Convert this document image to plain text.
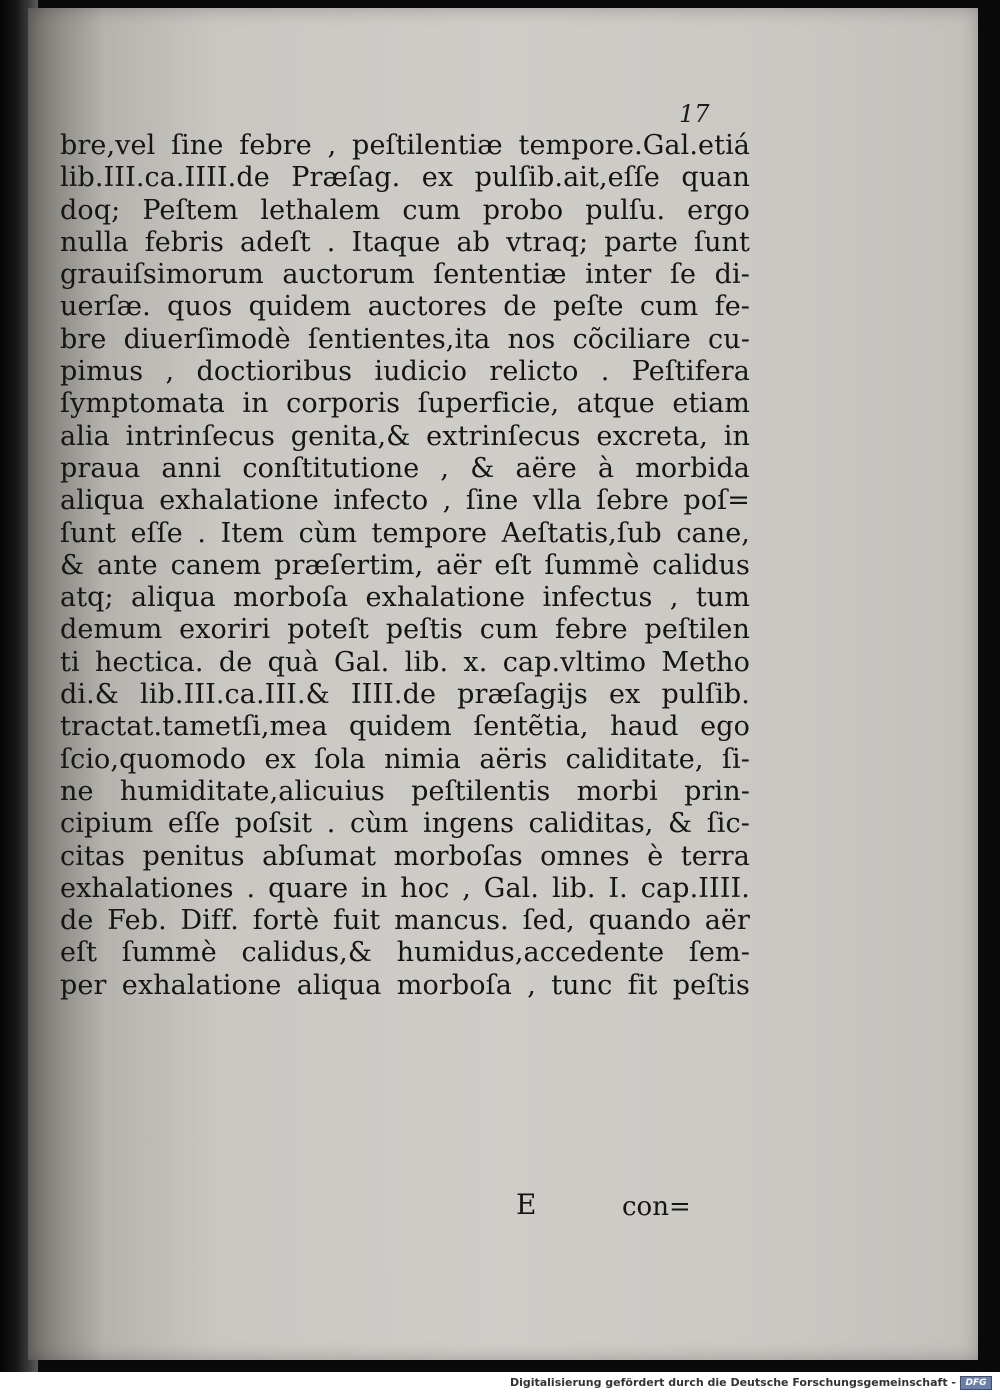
17
bre,vel ſine febre , peſtilentiæ tempore.Gal.etiá
lib.III.ca.IIII.de Præſag. ex pulſib.ait,eſſe quan
doq; Peſtem lethalem cum probo pulſu. ergo
nulla febris adeſt . Itaque ab vtraq; parte ſunt
grauiſsimorum auctorum ſententiæ inter ſe di-
uerſæ. quos quidem auctores de peſte cum fe-
bre diuerſimodè ſentientes,ita nos cõciliare cu-
pimus , doctioribus iudicio relicto . Peſtifera
ſymptomata in corporis ſuperficie, atque etiam
alia intrinſecus genita,& extrinſecus excreta, in
praua anni conſtitutione , & aëre à morbida
aliqua exhalatione infecto , ſine vlla ſebre poſ=
ſunt eſſe . Item cùm tempore Aeſtatis,ſub cane,
& ante canem præſertim, aër eſt ſummè calidus
atq; aliqua morboſa exhalatione infectus , tum
demum exoriri poteſt peſtis cum febre peſtilen
ti hectica. de quà Gal. lib. x. cap.vltimo Metho
di.& lib.III.ca.III.& IIII.de præſagijs ex pulſib.
tractat.tametſi,mea quidem ſentẽtia, haud ego
ſcio,quomodo ex ſola nimia aëris caliditate, ſi-
ne humiditate,alicuius peſtilentis morbi prin-
cipium eſſe poſsit . cùm ingens caliditas, & ſic-
citas penitus abſumat morboſas omnes è terra
exhalationes . quare in hoc , Gal. lib. I. cap.IIII.
de Feb. Diff. fortè fuit mancus. ſed, quando aër
eſt ſummè calidus,& humidus,accedente ſem-
per exhalatione aliqua morboſa , tunc fit peſtis
E	con=
Digitalisierung gefördert durch die Deutsche Forschungsgemeinschaft -	DFG
